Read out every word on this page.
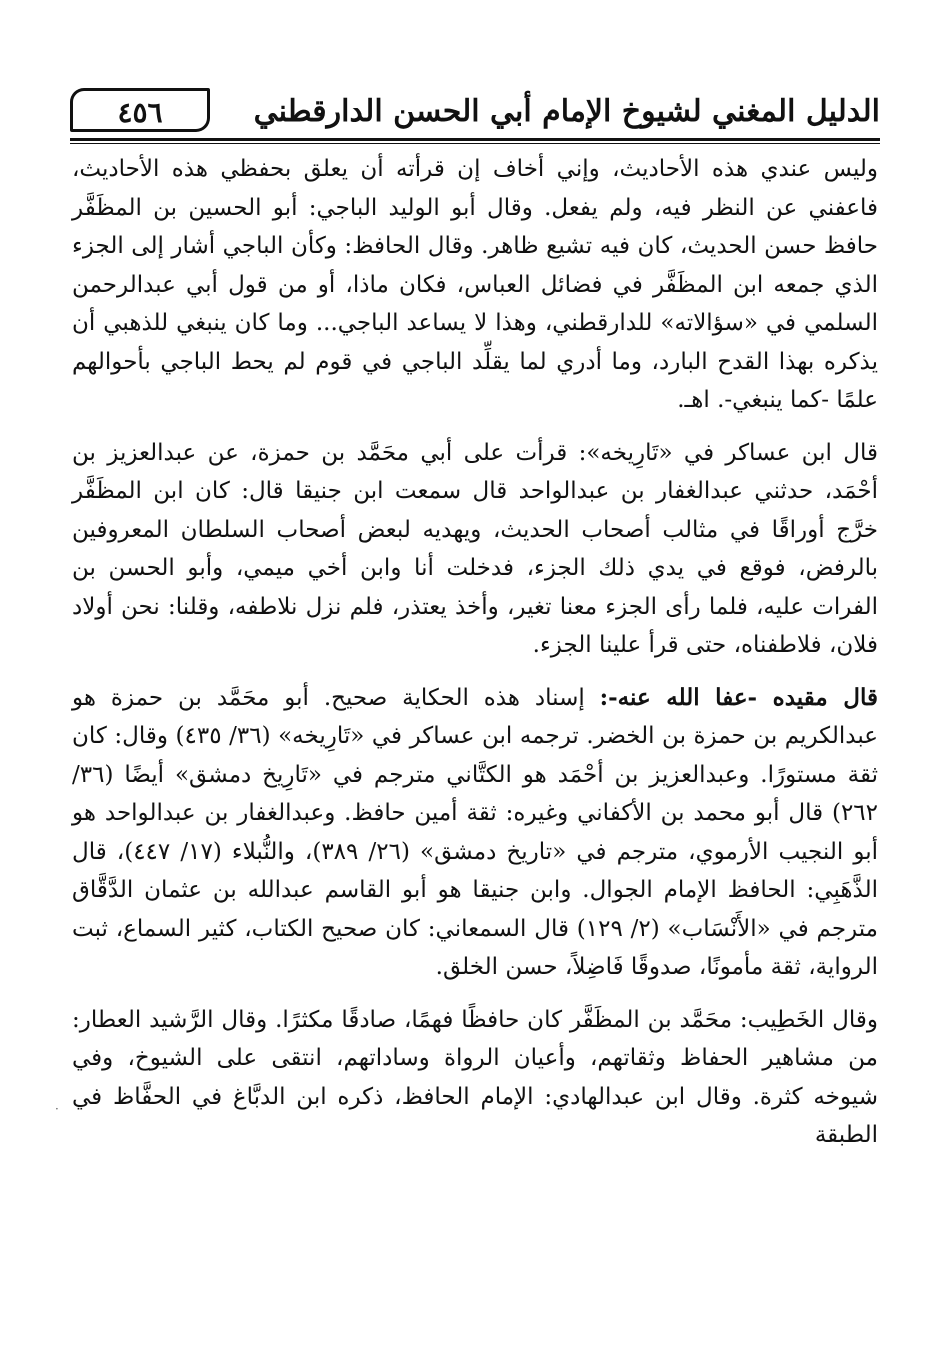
٤٥٦	الدليل المغني لشيوخ الإمام أبي الحسن الدارقطني

وليس عندي هذه الأحاديث، وإني أخاف إن قرأته أن يعلق بحفظي هذه الأحاديث، فاعفني عن النظر فيه، ولم يفعل. وقال أبو الوليد الباجي: أبو الحسين بن المظَفَّر حافظ حسن الحديث، كان فيه تشيع ظاهر. وقال الحافظ: وكأن الباجي أشار إلى الجزء الذي جمعه ابن المظَفَّر في فضائل العباس، فكان ماذا، أو من قول أبي عبدالرحمن السلمي في «سؤالاته» للدارقطني، وهذا لا يساعد الباجي... وما كان ينبغي للذهبي أن يذكره بهذا القدح البارد، وما أدري لما يقلِّد الباجي في قوم لم يحط الباجي بأحوالهم علمًا -كما ينبغي-. اهـ.

قال ابن عساكر في «تَارِيخه»: قرأت على أبي محَمَّد بن حمزة، عن عبدالعزيز بن أحْمَد، حدثني عبدالغفار بن عبدالواحد قال سمعت ابن جنيقا قال: كان ابن المظَفَّر خرَّج أوراقًا في مثالب أصحاب الحديث، ويهديه لبعض أصحاب السلطان المعروفين بالرفض، فوقع في يدي ذلك الجزء، فدخلت أنا وابن أخي ميمي، وأبو الحسن بن الفرات عليه، فلما رأى الجزء معنا تغير، وأخذ يعتذر، فلم نزل نلاطفه، وقلنا: نحن أولاد فلان، فلاطفناه، حتى قرأ علينا الجزء.

قال مقيده -عفا الله عنه-: إسناد هذه الحكاية صحيح. أبو محَمَّد بن حمزة هو عبدالكريم بن حمزة بن الخضر. ترجمه ابن عساكر في «تَارِيخه» (٣٦/ ٤٣٥) وقال: كان ثقة مستورًا. وعبدالعزيز بن أحْمَد هو الكتَّاني مترجم في «تَارِيخ دمشق» أيضًا (٣٦/ ٢٦٢) قال أبو محمد بن الأكفاني وغيره: ثقة أمين حافظ. وعبدالغفار بن عبدالواحد هو أبو النجيب الأرموي، مترجم في «تاريخ دمشق» (٢٦/ ٣٨٩)، والنُّبلاء (١٧/ ٤٤٧)، قال الذَّهَبِي: الحافظ الإمام الجوال. وابن جنيقا هو أبو القاسم عبدالله بن عثمان الدَّقَّاق مترجم في «الأَنْسَاب» (٢/ ١٢٩) قال السمعاني: كان صحيح الكتاب، كثير السماع، ثبت الرواية، ثقة مأمونًا، صدوقًا فَاضِلاً، حسن الخلق.

وقال الخَطِيب: محَمَّد بن المظَفَّر كان حافظًا فهمًا، صادقًا مكثرًا. وقال الرَّشيد العطار: من مشاهير الحفاظ وثقاتهم، وأعيان الرواة وساداتهم، انتقى على الشيوخ، وفي شيوخه كثرة. وقال ابن عبدالهادي: الإمام الحافظ، ذكره ابن الدبَّاغ في الحفَّاظ في الطبقة

·
